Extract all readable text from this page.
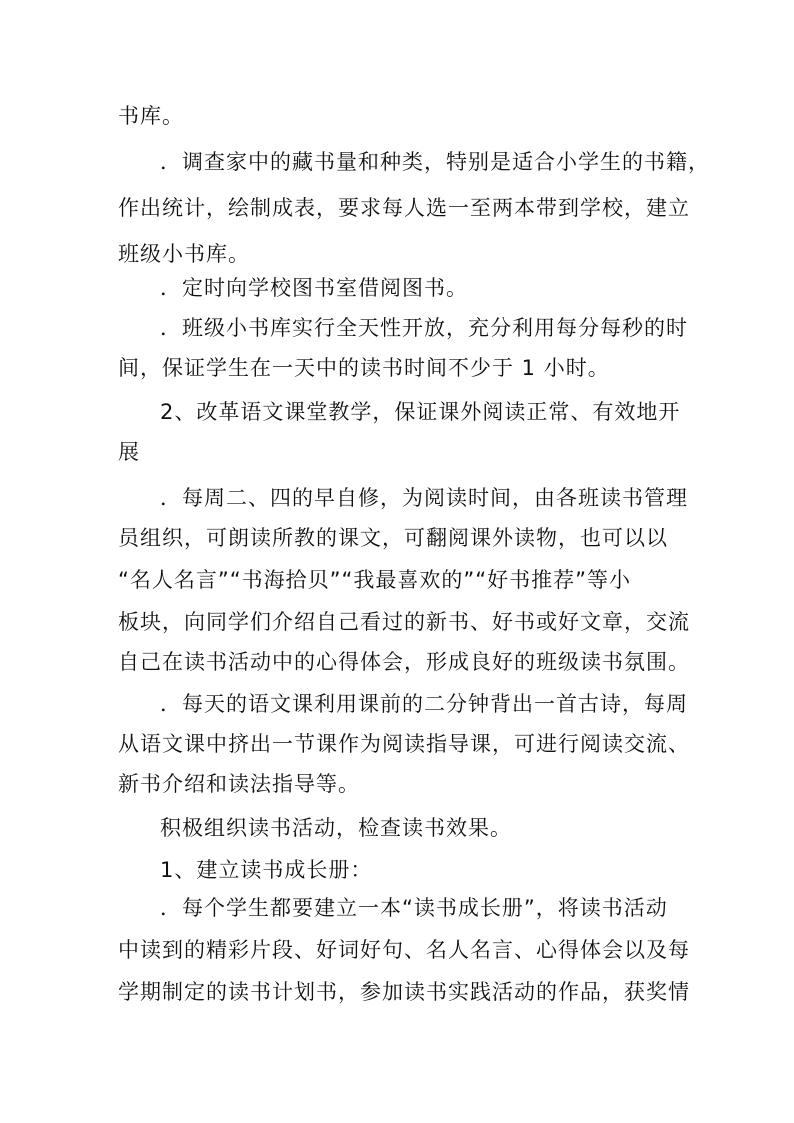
书库。
．调查家中的藏书量和种类，特别是适合小学生的书籍，
作出统计，绘制成表，要求每人选一至两本带到学校，建立
班级小书库。
．定时向学校图书室借阅图书。
．班级小书库实行全天性开放，充分利用每分每秒的时
间，保证学生在一天中的读书时间不少于 1 小时。
2、改革语文课堂教学，保证课外阅读正常、有效地开
展
．每周二、四的早自修，为阅读时间，由各班读书管理
员组织，可朗读所教的课文，可翻阅课外读物，也可以以
“名人名言”“书海拾贝”“我最喜欢的”“好书推荐”等小
板块，向同学们介绍自己看过的新书、好书或好文章，交流
自己在读书活动中的心得体会，形成良好的班级读书氛围。
．每天的语文课利用课前的二分钟背出一首古诗，每周
从语文课中挤出一节课作为阅读指导课，可进行阅读交流、
新书介绍和读法指导等。
积极组织读书活动，检查读书效果。
1、建立读书成长册：
．每个学生都要建立一本“读书成长册”，将读书活动
中读到的精彩片段、好词好句、名人名言、心得体会以及每
学期制定的读书计划书，参加读书实践活动的作品，获奖情
